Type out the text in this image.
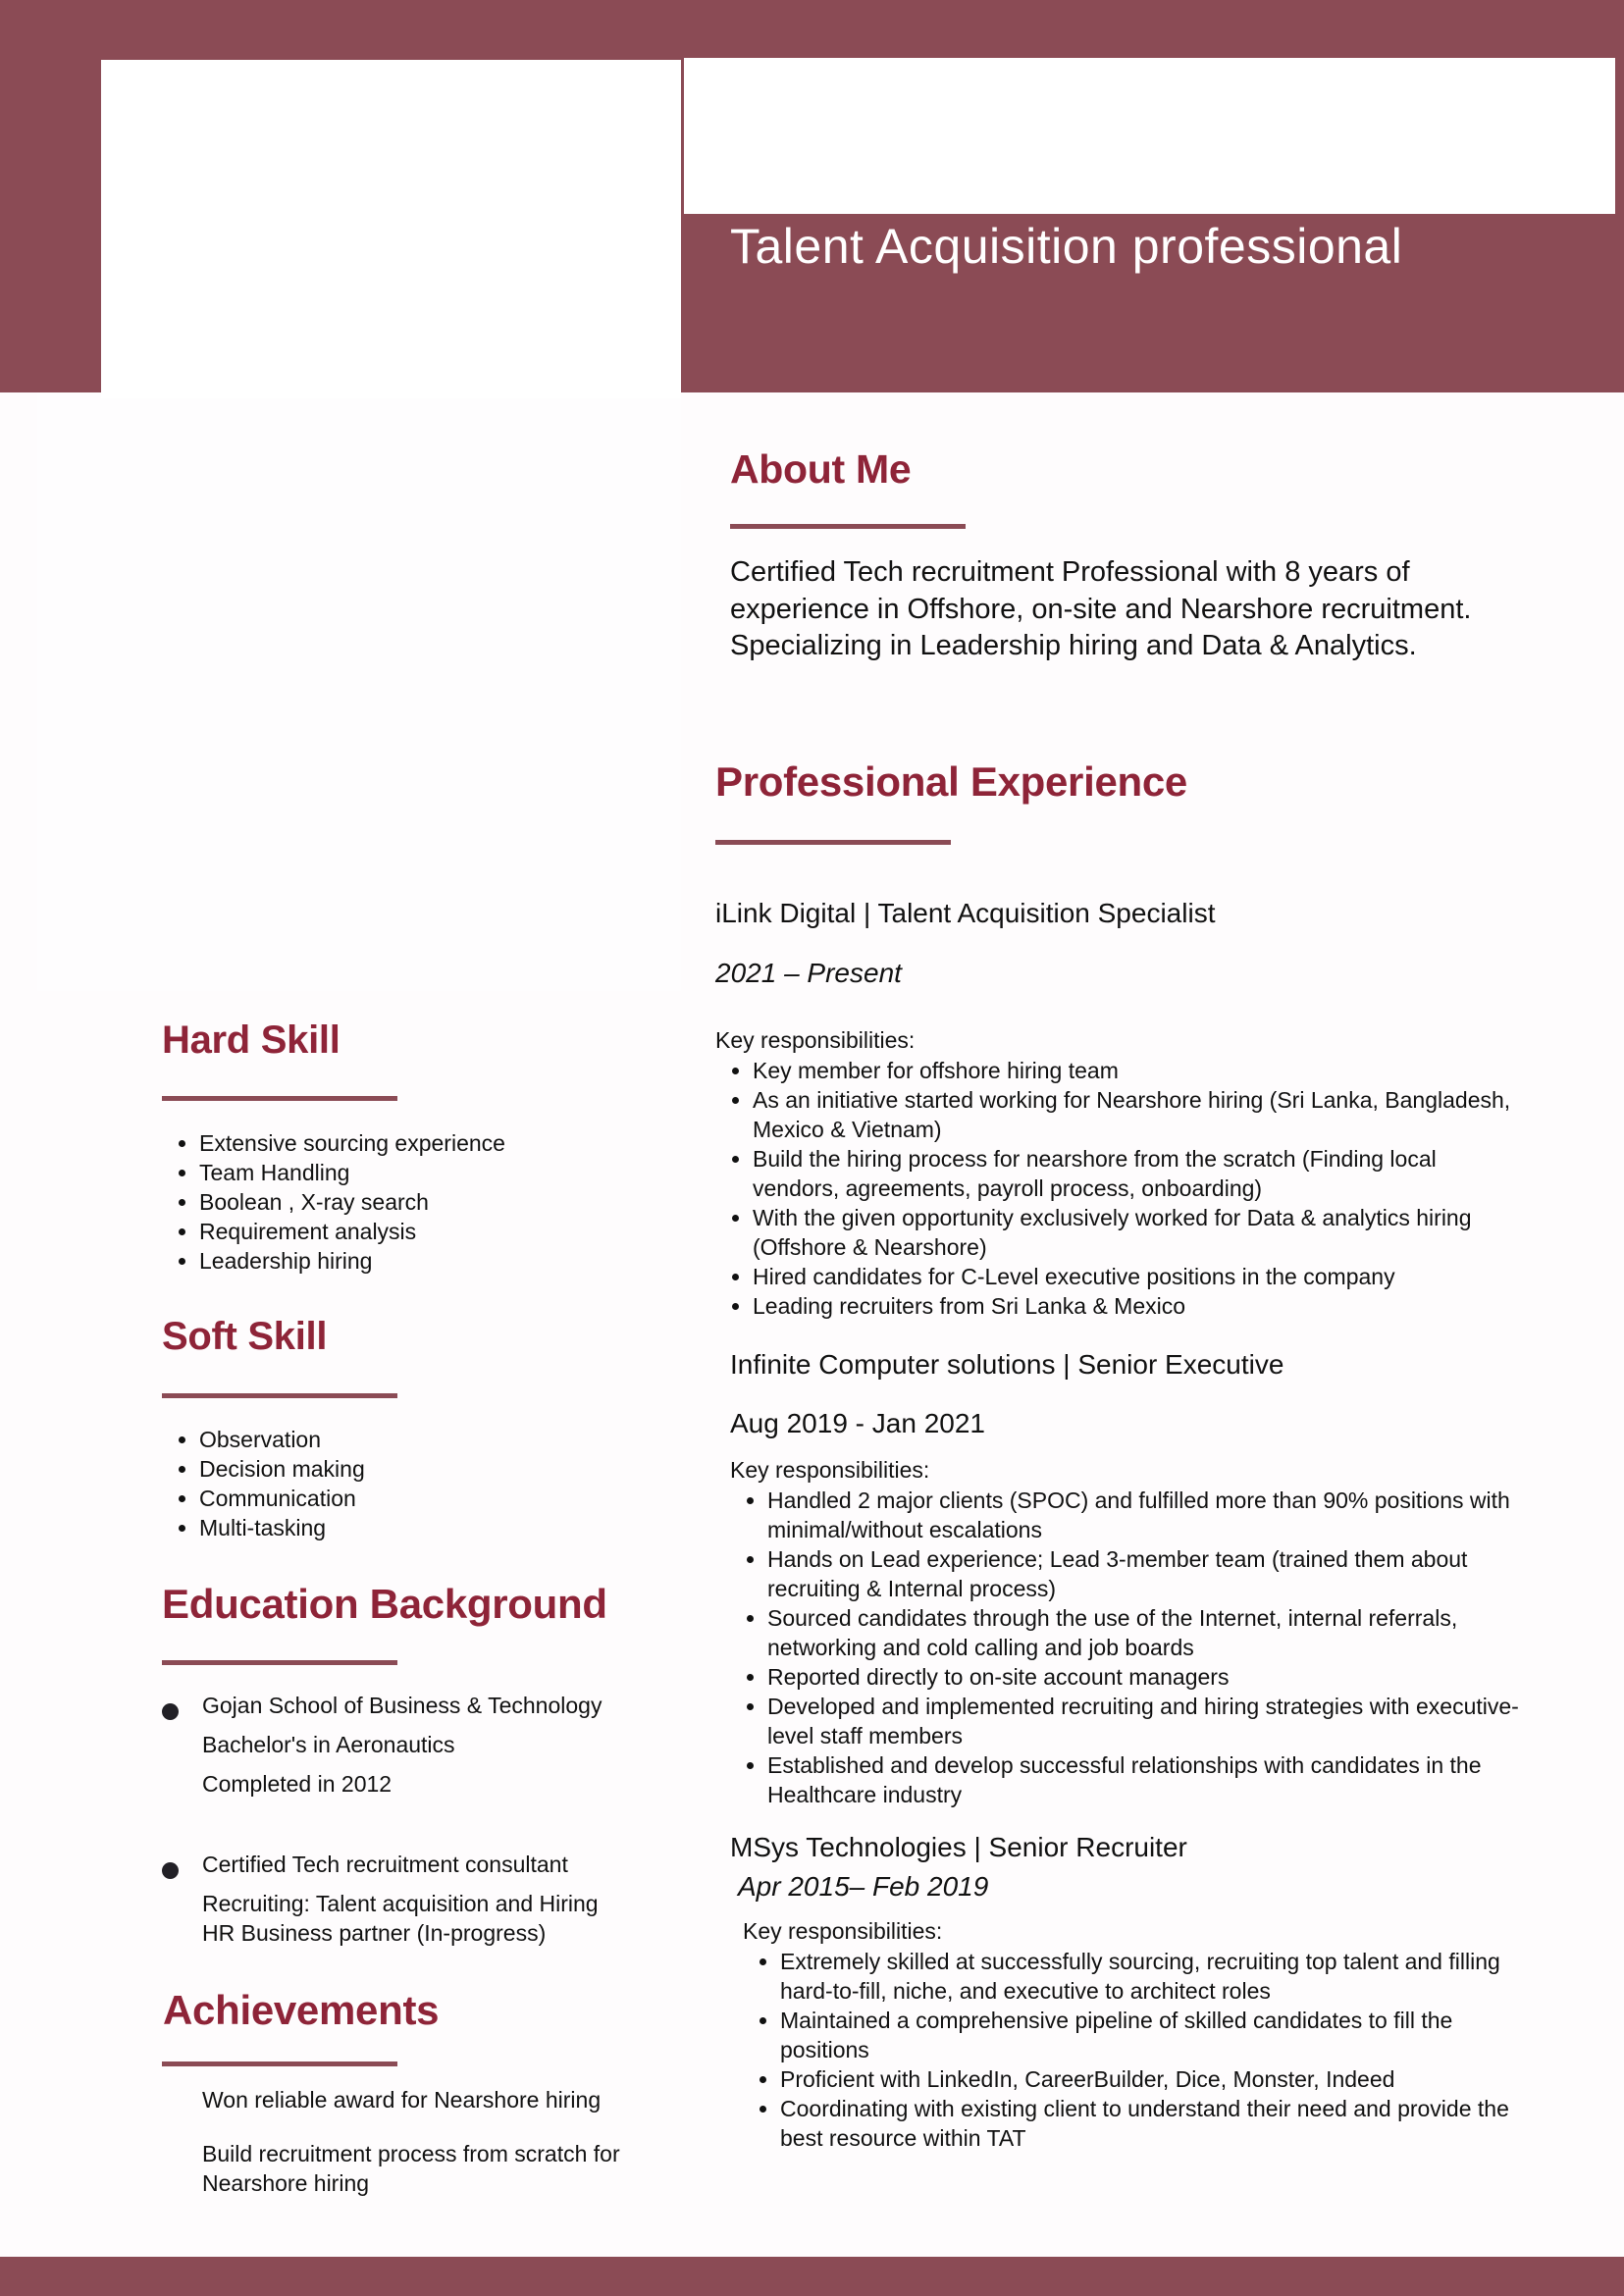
Talent Acquisition professional
About Me

Certified Tech recruitment Professional with 8 years of experience in Offshore, on-site and Nearshore recruitment. Specializing in Leadership hiring and Data & Analytics.

Professional Experience
iLink Digital | Talent Acquisition Specialist
2021 – Present
Key responsibilities:
• Key member for offshore hiring team
• As an initiative started working for Nearshore hiring (Sri Lanka, Bangladesh, Mexico & Vietnam)
• Build the hiring process for nearshore from the scratch (Finding local vendors, agreements, payroll process, onboarding)
• With the given opportunity exclusively worked for Data & analytics hiring (Offshore & Nearshore)
• Hired candidates for C-Level executive positions in the company
• Leading recruiters from Sri Lanka & Mexico
Infinite Computer solutions | Senior Executive
Aug 2019 - Jan 2021
Key responsibilities:
• Handled 2 major clients (SPOC) and fulfilled more than 90% positions with minimal/without escalations
• Hands on Lead experience; Lead 3-member team (trained them about recruiting & Internal process)
• Sourced candidates through the use of the Internet, internal referrals, networking and cold calling and job boards
• Reported directly to on-site account managers
• Developed and implemented recruiting and hiring strategies with executive-level staff members
• Established and develop successful relationships with candidates in the Healthcare industry
MSys Technologies | Senior Recruiter
Apr 2015– Feb 2019
Key responsibilities:
• Extremely skilled at successfully sourcing, recruiting top talent and filling hard-to-fill, niche, and executive to architect roles
• Maintained a comprehensive pipeline of skilled candidates to fill the positions
• Proficient with LinkedIn, CareerBuilder, Dice, Monster, Indeed
• Coordinating with existing client to understand their need and provide the best resource within TAT
Hard Skill
• Extensive sourcing experience
• Team Handling
• Boolean , X-ray search
• Requirement analysis
• Leadership hiring
Soft Skill
• Observation
• Decision making
• Communication
• Multi-tasking
Education Background
Gojan School of Business & Technology
Bachelor's in Aeronautics
Completed in 2012
Certified Tech recruitment consultant
Recruiting: Talent acquisition and Hiring
HR Business partner (In-progress)
Achievements
Won reliable award for Nearshore hiring
Build recruitment process from scratch for Nearshore hiring
